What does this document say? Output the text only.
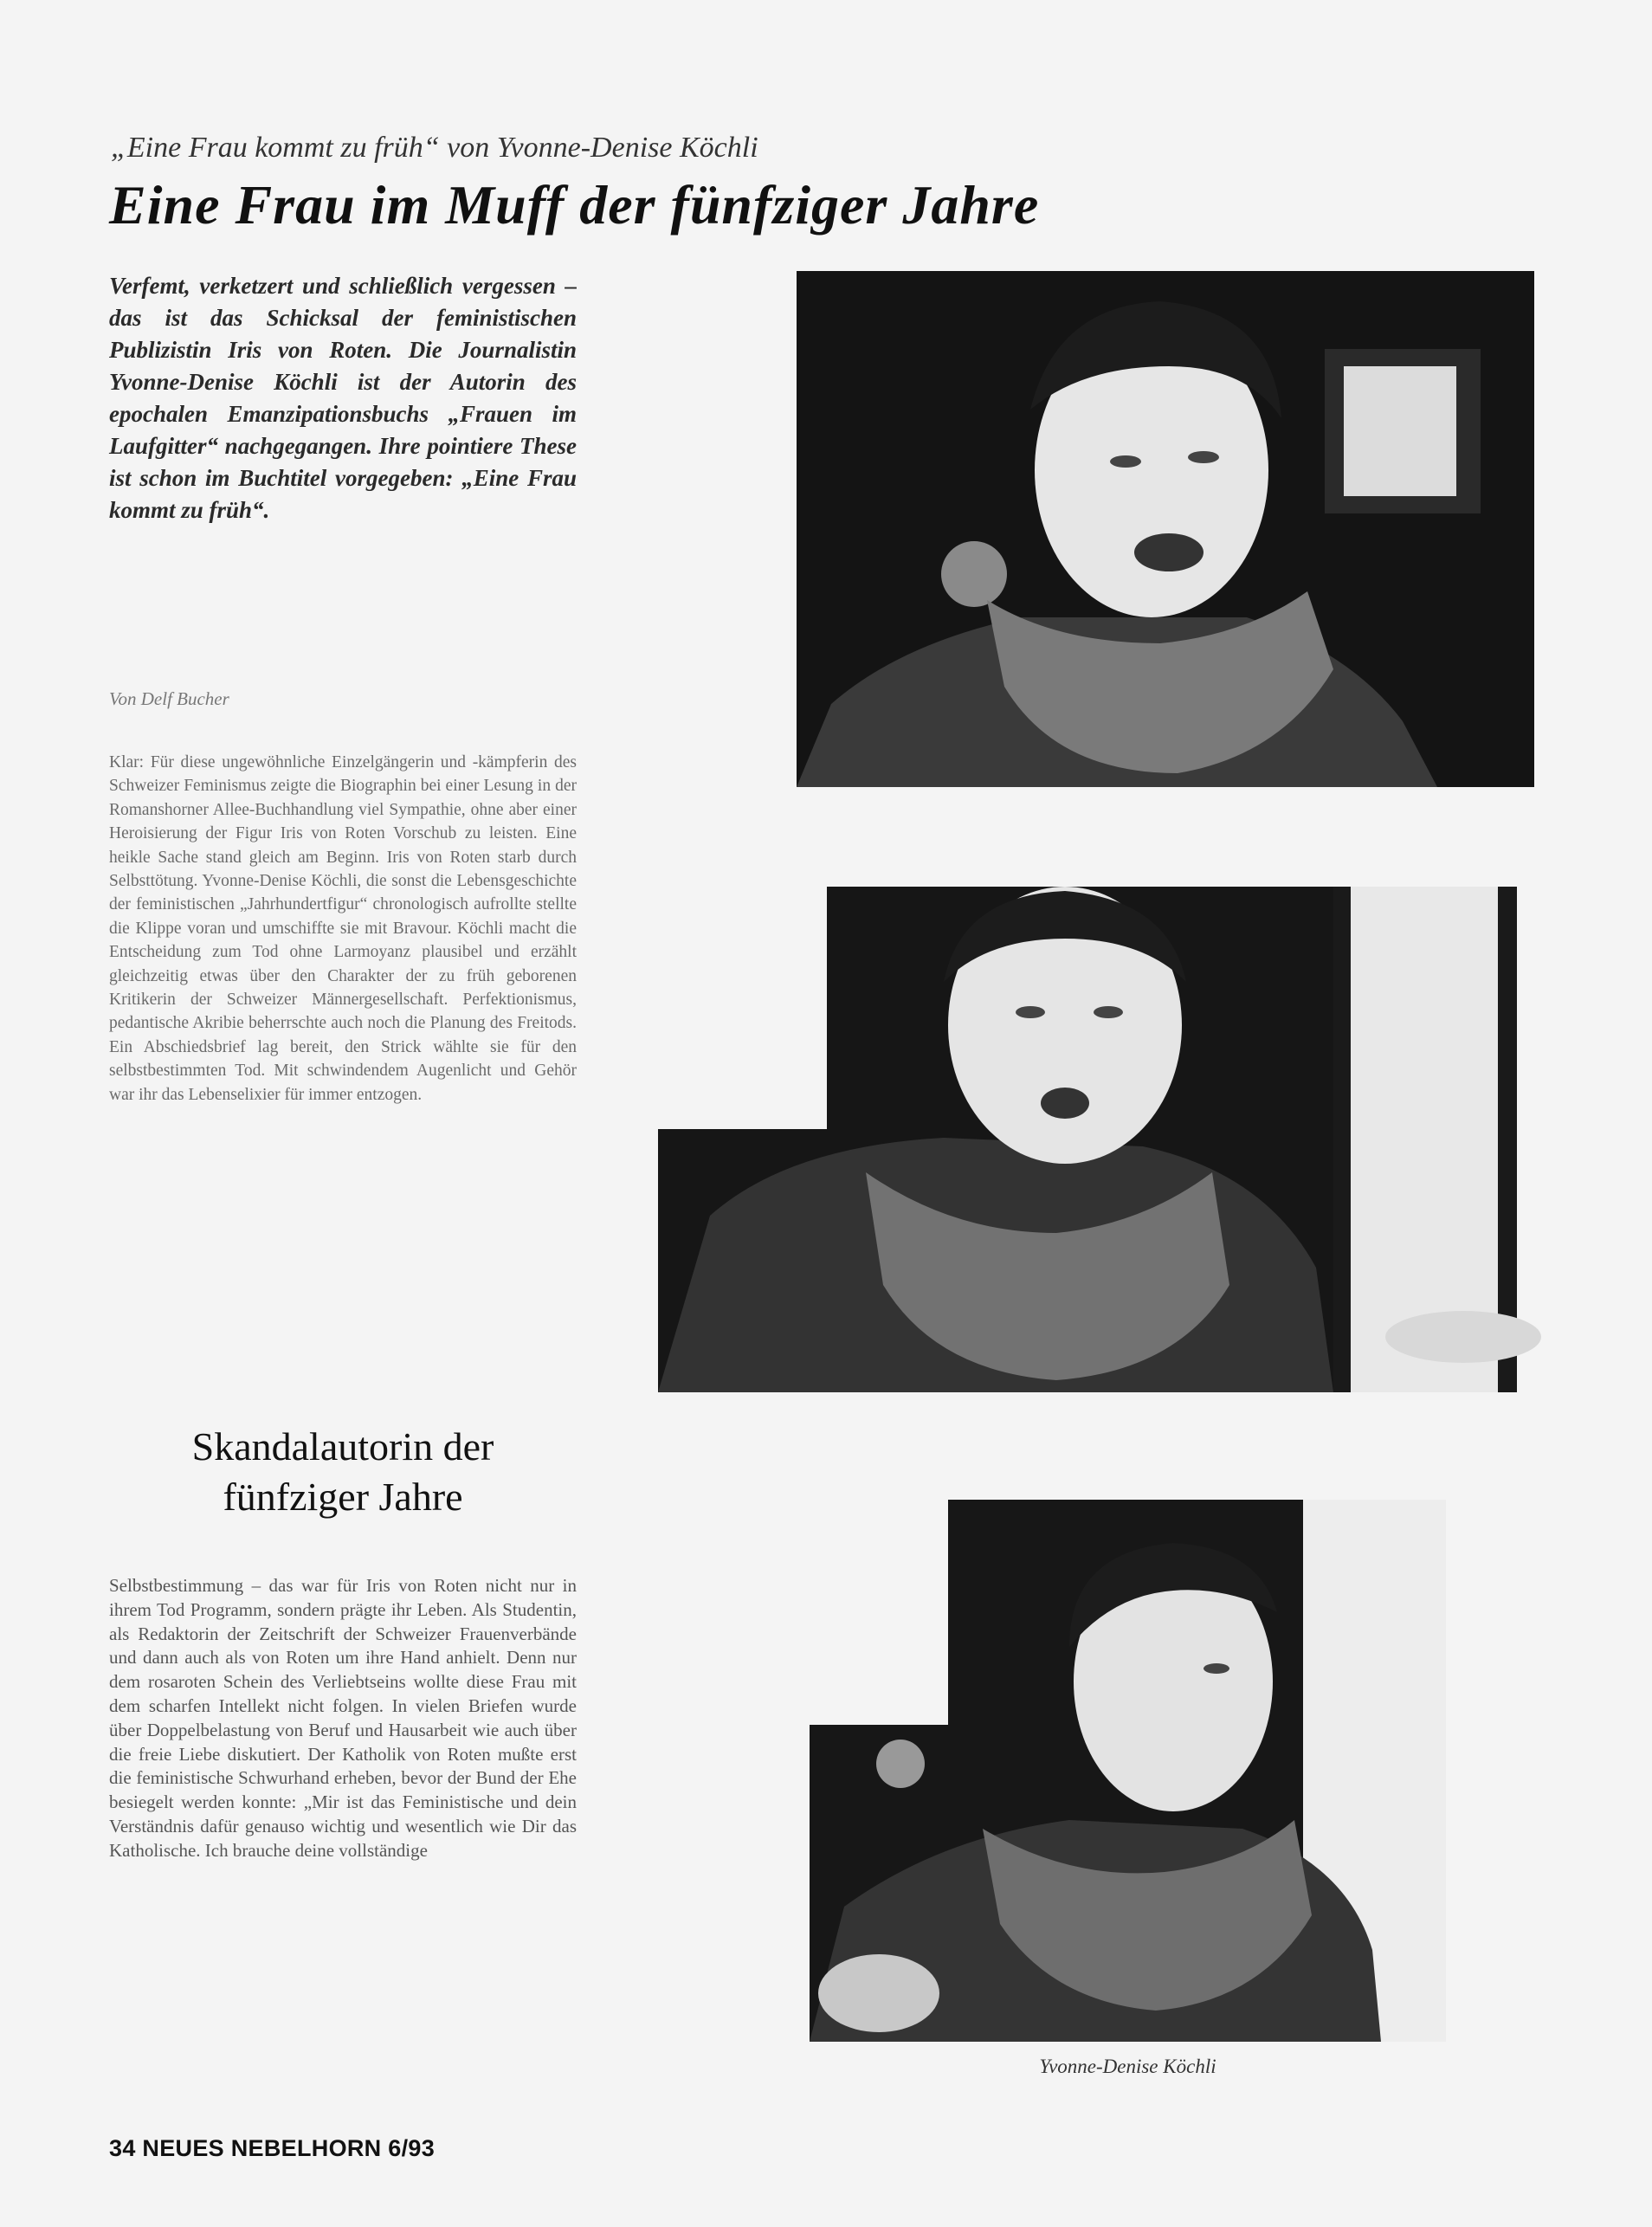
„Eine Frau kommt zu früh“ von Yvonne-Denise Köchli
Eine Frau im Muff der fünfziger Jahre
Verfemt, verketzert und schließlich vergessen – das ist das Schicksal der feministischen Publizistin Iris von Roten. Die Journalistin Yvonne-Denise Köchli ist der Autorin des epochalen Emanzipationsbuchs „Frauen im Laufgitter“ nachgegangen. Ihre pointiere These ist schon im Buchtitel vorgegeben: „Eine Frau kommt zu früh“.
Von Delf Bucher
Klar: Für diese ungewöhnliche Einzelgängerin und -kämpferin des Schweizer Feminismus zeigte die Biographin bei einer Lesung in der Romanshorner Allee-Buchhandlung viel Sympathie, ohne aber einer Heroisierung der Figur Iris von Roten Vorschub zu leisten. Eine heikle Sache stand gleich am Beginn. Iris von Roten starb durch Selbsttötung. Yvonne-Denise Köchli, die sonst die Lebensgeschichte der feministischen „Jahrhundertfigur“ chronologisch aufrollte stellte die Klippe voran und umschiffte sie mit Bravour. Köchli macht die Entscheidung zum Tod ohne Larmoyanz plausibel und erzählt gleichzeitig etwas über den Charakter der zu früh geborenen Kritikerin der Schweizer Männergesellschaft. Perfektionismus, pedantische Akribie beherrschte auch noch die Planung des Freitods. Ein Abschiedsbrief lag bereit, den Strick wählte sie für den selbstbestimmten Tod. Mit schwindendem Augenlicht und Gehör war ihr das Lebenselixier für immer entzogen.
Skandalautorin der
fünfziger Jahre
Selbstbestimmung – das war für Iris von Roten nicht nur in ihrem Tod Programm, sondern prägte ihr Leben. Als Studentin, als Redaktorin der Zeitschrift der Schweizer Frauenverbände und dann auch als von Roten um ihre Hand anhielt. Denn nur dem rosaroten Schein des Verliebtseins wollte diese Frau mit dem scharfen Intellekt nicht folgen. In vielen Briefen wurde über Doppelbelastung von Beruf und Hausarbeit wie auch über die freie Liebe diskutiert. Der Katholik von Roten mußte erst die feministische Schwurhand erheben, bevor der Bund der Ehe besiegelt werden konnte: „Mir ist das Feministische und dein Verständnis dafür genauso wichtig und wesentlich wie Dir das Katholische. Ich brauche deine vollständige
Yvonne-Denise Köchli
34 NEUES NEBELHORN 6/93
